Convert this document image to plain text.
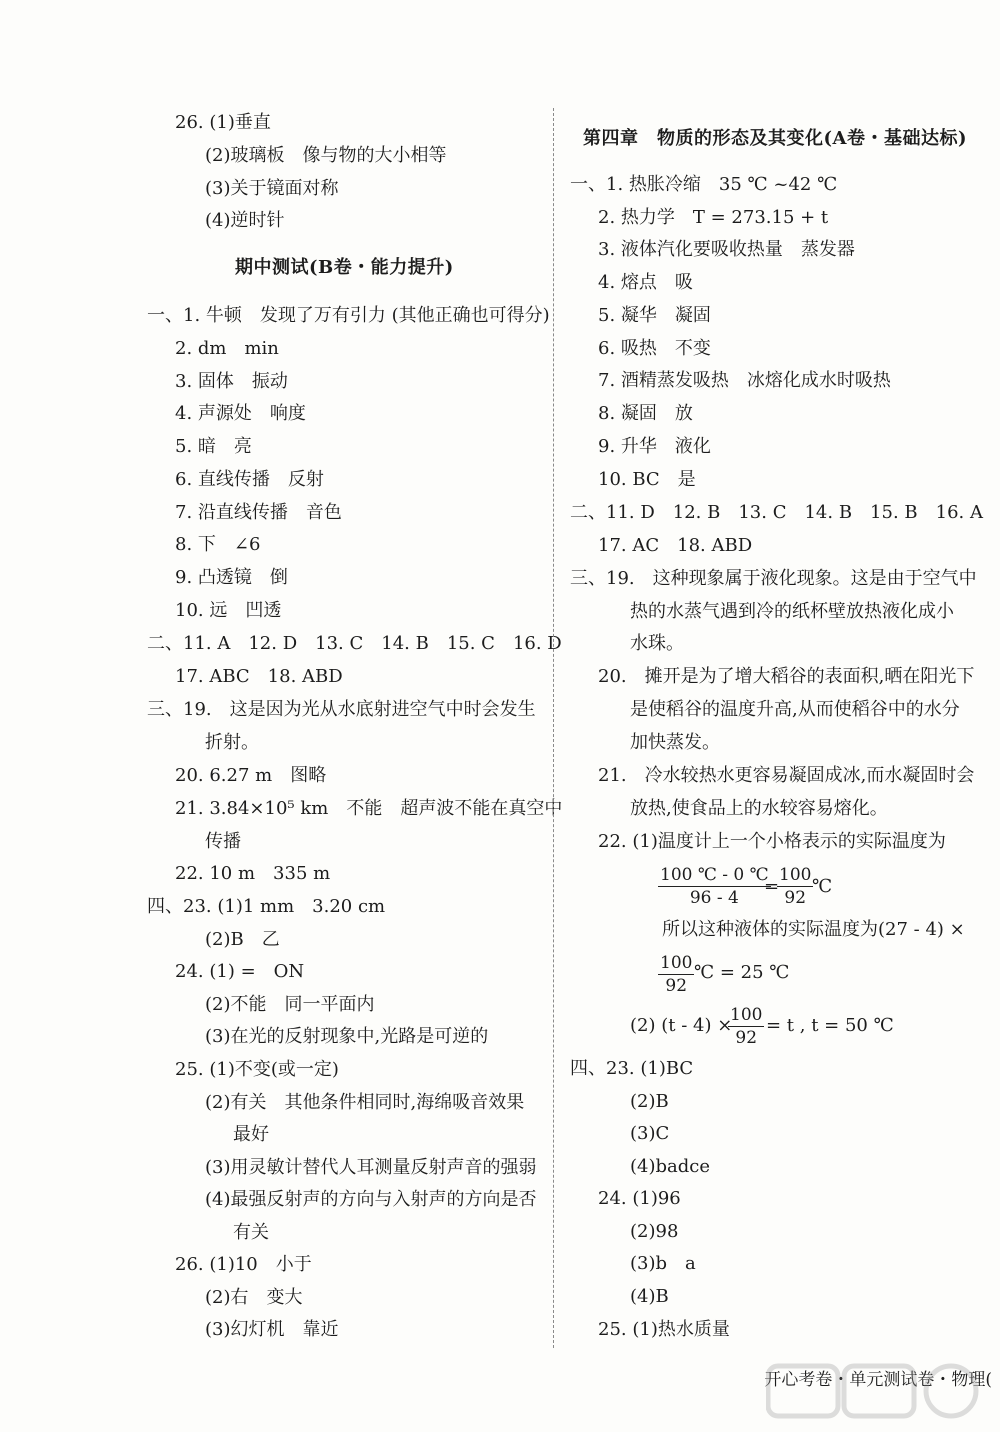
26. (1)垂直
(2)玻璃板　像与物的大小相等
(3)关于镜面对称
(4)逆时针
期中测试(B卷・能力提升)
一、1. 牛顿　发现了万有引力 (其他正确也可得分)
2. dm　min
3. 固体　振动
4. 声源处　响度
5. 暗　亮
6. 直线传播　反射
7. 沿直线传播　音色
8. 下　∠6
9. 凸透镜　倒
10. 远　凹透
二、11. A　12. D　13. C　14. B　15. C　16. D
17. ABC　18. ABD
三、19.　这是因为光从水底射进空气中时会发生
折射。
20. 6.27 m　图略
21. 3.84×10⁵ km　不能　超声波不能在真空中
传播
22. 10 m　335 m
四、23. (1)1 mm　3.20 cm
(2)B　乙
24. (1) =　ON
(2)不能　同一平面内
(3)在光的反射现象中,光路是可逆的
25. (1)不变(或一定)
(2)有关　其他条件相同时,海绵吸音效果
最好
(3)用灵敏计替代人耳测量反射声音的强弱
(4)最强反射声的方向与入射声的方向是否
有关
26. (1)10　小于
(2)右　变大
(3)幻灯机　靠近
第四章　物质的形态及其变化(A卷・基础达标)
一、1. 热胀冷缩　35 ℃ ~42 ℃
2. 热力学　T = 273.15 + t
3. 液体汽化要吸收热量　蒸发器
4. 熔点　吸
5. 凝华　凝固
6. 吸热　不变
7. 酒精蒸发吸热　冰熔化成水时吸热
8. 凝固　放
9. 升华　液化
10. BC　是
二、11. D　12. B　13. C　14. B　15. B　16. A
17. AC　18. ABD
三、19.　这种现象属于液化现象。这是由于空气中
热的水蒸气遇到冷的纸杯壁放热液化成小
水珠。
20.　摊开是为了增大稻谷的表面积,晒在阳光下
是使稻谷的温度升高,从而使稻谷中的水分
加快蒸发。
21.　冷水较热水更容易凝固成冰,而水凝固时会
放热,使食品上的水较容易熔化。
22. (1)温度计上一个小格表示的实际温度为
所以这种液体的实际温度为(27 - 4) ×
四、23. (1)BC
(2)B
(3)C
(4)badce
24. (1)96
(2)98
(3)b　a
(4)B
25. (1)热水质量
$\frac{100 ℃ - 0 ℃}{96 - 4}$
=
$\frac{100}{92}$
℃
$\frac{100}{92}$ ℃ = 25 ℃
(2) (t - 4) ×
$\frac{100}{92} = t$ , t = 50 ℃
开心考卷・单元测试卷・物理(
